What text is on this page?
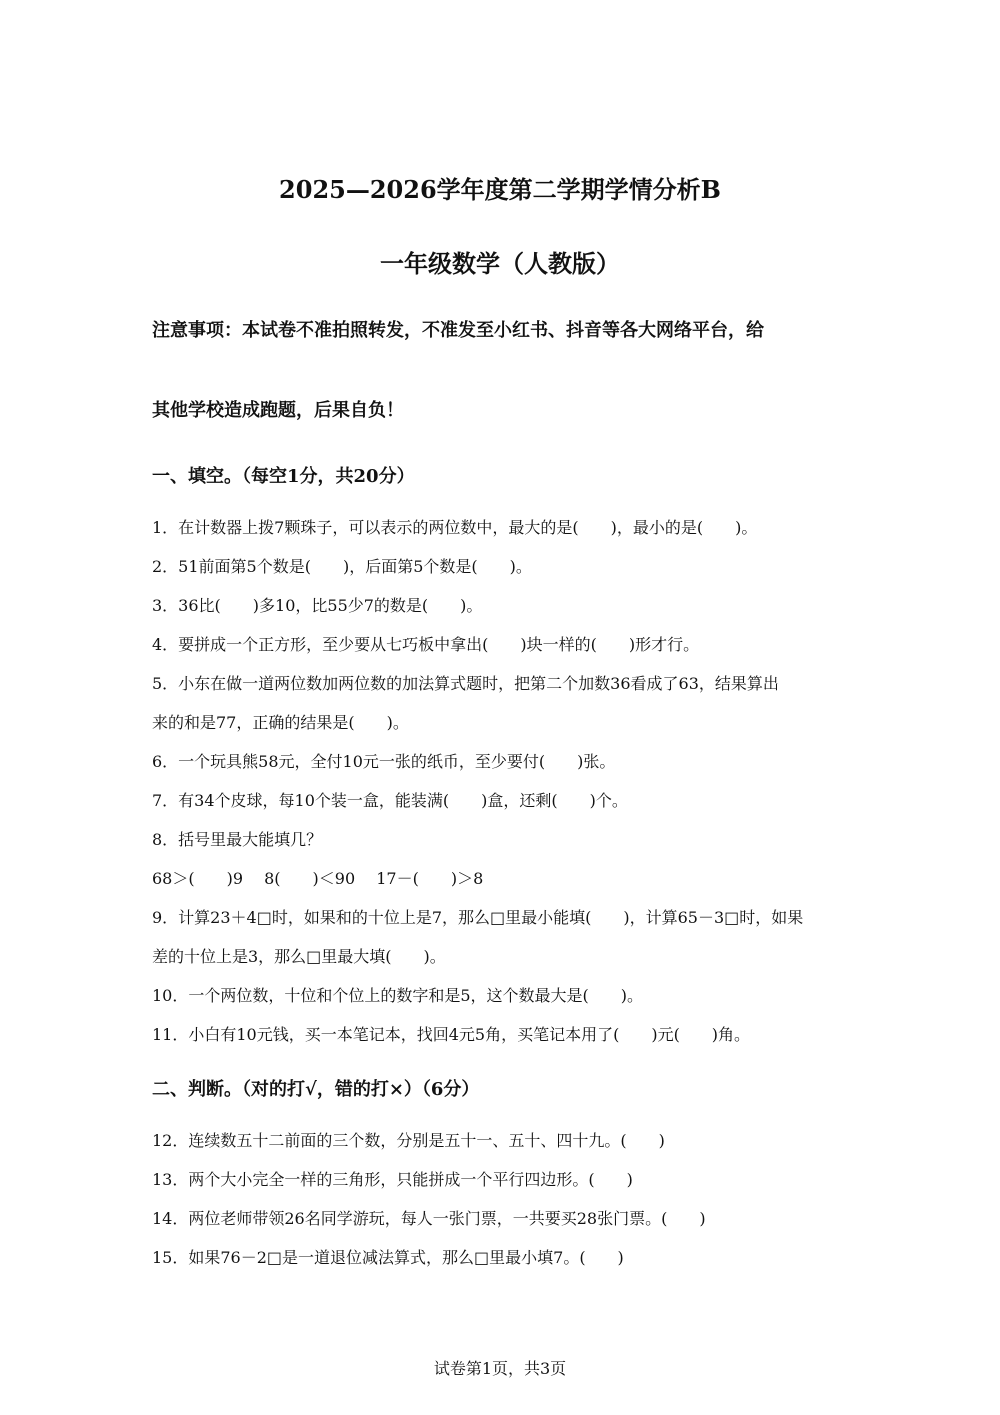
2025—2026学年度第二学期学情分析B
一年级数学（人教版）
注意事项：本试卷不准拍照转发，不准发至小红书、抖音等各大网络平台，给
其他学校造成跑题，后果自负！
一、填空。（每空1分，共20分）
1．在计数器上拨7颗珠子，可以表示的两位数中，最大的是(　　)，最小的是(　　)。
2．51前面第5个数是(　　)，后面第5个数是(　　)。
3．36比(　　)多10，比55少7的数是(　　)。
4．要拼成一个正方形，至少要从七巧板中拿出(　　)块一样的(　　)形才行。
5．小东在做一道两位数加两位数的加法算式题时，把第二个加数36看成了63，结果算出
来的和是77，正确的结果是(　　)。
6．一个玩具熊58元，全付10元一张的纸币，至少要付(　　)张。
7．有34个皮球，每10个装一盒，能装满(　　)盒，还剩(　　)个。
8．括号里最大能填几？
68＞(　　)9　 8(　　)＜90　 17－(　　)＞8
9．计算23＋4□时，如果和的十位上是7，那么□里最小能填(　　)，计算65－3□时，如果
差的十位上是3，那么□里最大填(　　)。
10．一个两位数，十位和个位上的数字和是5，这个数最大是(　　)。
11．小白有10元钱，买一本笔记本，找回4元5角，买笔记本用了(　　)元(　　)角。
二、判断。（对的打√，错的打×）（6分）
12．连续数五十二前面的三个数，分别是五十一、五十、四十九。(　　)
13．两个大小完全一样的三角形，只能拼成一个平行四边形。(　　)
14．两位老师带领26名同学游玩，每人一张门票，一共要买28张门票。(　　)
15．如果76－2□是一道退位减法算式，那么□里最小填7。(　　)
试卷第1页，共3页
